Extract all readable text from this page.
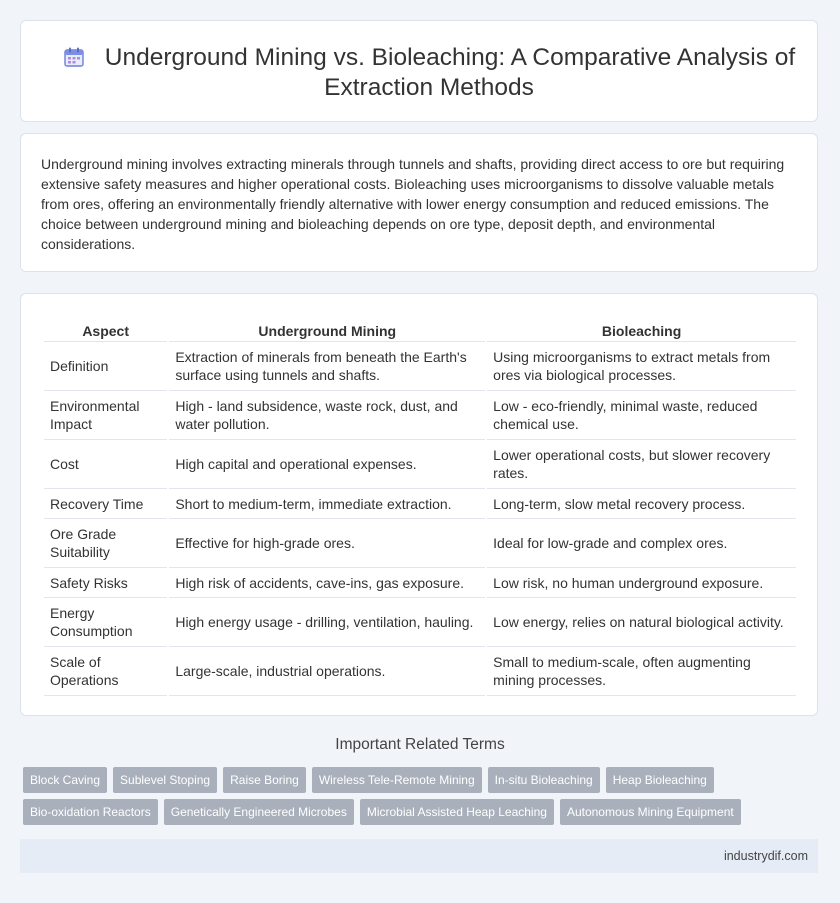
Underground Mining vs. Bioleaching: A Comparative Analysis of Extraction Methods

Underground mining involves extracting minerals through tunnels and shafts, providing direct access to ore but requiring extensive safety measures and higher operational costs. Bioleaching uses microorganisms to dissolve valuable metals from ores, offering an environmentally friendly alternative with lower energy consumption and reduced emissions. The choice between underground mining and bioleaching depends on ore type, deposit depth, and environmental considerations.

Aspect	Underground Mining	Bioleaching
Definition	Extraction of minerals from beneath the Earth's surface using tunnels and shafts.	Using microorganisms to extract metals from ores via biological processes.
Environmental Impact	High - land subsidence, waste rock, dust, and water pollution.	Low - eco-friendly, minimal waste, reduced chemical use.
Cost	High capital and operational expenses.	Lower operational costs, but slower recovery rates.
Recovery Time	Short to medium-term, immediate extraction.	Long-term, slow metal recovery process.
Ore Grade Suitability	Effective for high-grade ores.	Ideal for low-grade and complex ores.
Safety Risks	High risk of accidents, cave-ins, gas exposure.	Low risk, no human underground exposure.
Energy Consumption	High energy usage - drilling, ventilation, hauling.	Low energy, relies on natural biological activity.
Scale of Operations	Large-scale, industrial operations.	Small to medium-scale, often augmenting mining processes.
Important Related Terms
Block Caving Sublevel Stoping Raise Boring Wireless Tele-Remote Mining In-situ Bioleaching Heap BioleachingBio-oxidation Reactors Genetically Engineered Microbes Microbial Assisted Heap Leaching Autonomous Mining Equipment
industrydif.com
